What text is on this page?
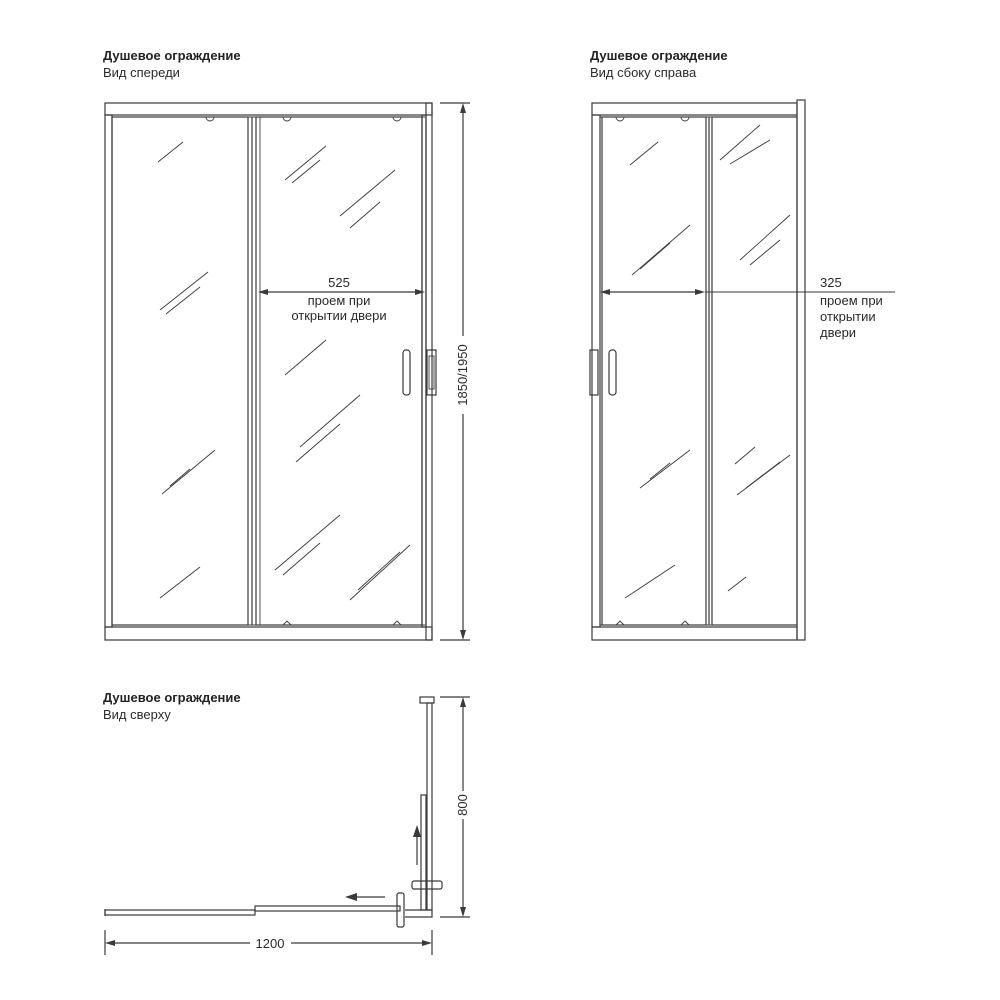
Душевое ограждение
Вид спереди
525
проем при
открытии двери
1850/1950
Душевое ограждение
Вид сбоку справа
325
проем при
открытии
двери
Душевое ограждение
Вид сверху
800
1200
